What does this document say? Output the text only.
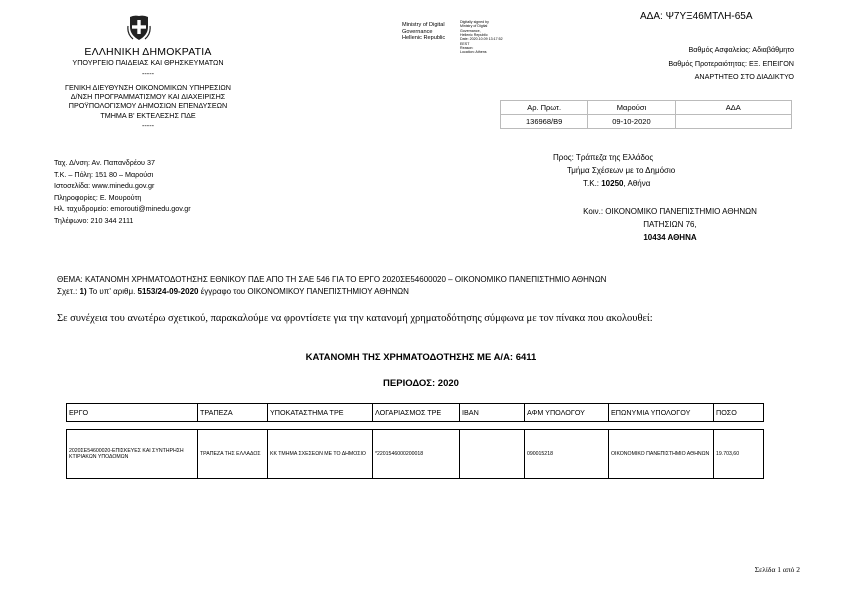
ΑΔΑ: Ψ7ΥΞ46ΜΤΛΗ-65Α
ΕΛΛΗΝΙΚΗ ΔΗΜΟΚΡΑΤΙΑ
ΥΠΟΥΡΓΕΙΟ ΠΑΙΔΕΙΑΣ ΚΑΙ ΘΡΗΣΚΕΥΜΑΤΩΝ
-----
ΓΕΝΙΚΗ ΔΙΕΥΘΥΝΣΗ ΟΙΚΟΝΟΜΙΚΩΝ ΥΠΗΡΕΣΙΩΝ
Δ/ΝΣΗ ΠΡΟΓΡΑΜΜΑΤΙΣΜΟΥ ΚΑΙ ΔΙΑΧΕΙΡΙΣΗΣ
ΠΡΟΫΠΟΛΟΓΙΣΜΟΥ ΔΗΜΟΣΙΩΝ ΕΠΕΝΔΥΣΕΩΝ
ΤΜΗΜΑ Β' ΕΚΤΕΛΕΣΗΣ ΠΔΕ
-----
Ταχ. Δ/νση: Αν. Παπανδρέου 37
Τ.Κ. – Πόλη: 151 80 – Μαρούσι
Ιστοσελίδα: www.minedu.gov.gr
Πληροφορίες: Ε. Μουρούτη
Ηλ. ταχυδρομείο: emorouti@minedu.gov.gr
Τηλέφωνο: 210 344 2111
Ministry of Digital
Governance
Hellenic Republic
Digitally signed by
Ministry of Digital
Governance,
Hellenic Republic
Date: 2020.10.09 13:17:52
EEST
Reason:
Location: Athens	Βαθμός Ασφαλείας: Αδιαβάθμητο
Βαθμός Προτεραιότητας: ΕΞ. ΕΠΕΙΓΟΝ
ΑΝΑΡΤΗΤΕΟ ΣΤΟ ΔΙΑΔΙΚΤΥΟ
Αρ. Πρωτ.	Μαρούσι	ΑΔΑ
136968/Β9	09-10-2020	
Προς: Τράπεζα της Ελλάδος
Τμήμα Σχέσεων με το Δημόσιο
Τ.Κ.: 10250, Αθήνα
Κοιν.: ΟΙΚΟΝΟΜΙΚΟ ΠΑΝΕΠΙΣΤΗΜΙΟ ΑΘΗΝΩΝ
ΠΑΤΗΣΙΩΝ 76,
10434 ΑΘΗΝΑ
ΘΕΜΑ: ΚΑΤΑΝΟΜΗ ΧΡΗΜΑΤΟΔΟΤΗΣΗΣ ΕΘΝΙΚΟΥ ΠΔΕ ΑΠΟ ΤΗ ΣΑΕ 546 ΓΙΑ ΤΟ ΕΡΓΟ 2020ΣΕ54600020 – ΟΙΚΟΝΟΜΙΚΟ ΠΑΝΕΠΙΣΤΗΜΙΟ ΑΘΗΝΩΝ
Σχετ.: 1) Το υπ' αριθμ. 5153/24-09-2020 έγγραφο του ΟΙΚΟΝΟΜΙΚΟΥ ΠΑΝΕΠΙΣΤΗΜΙΟΥ ΑΘΗΝΩΝ
Σε συνέχεια του ανωτέρω σχετικού, παρακαλούμε να φροντίσετε για την κατανομή χρηματοδότησης σύμφωνα με τον πίνακα που ακολουθεί:
ΚΑΤΑΝΟΜΗ ΤΗΣ ΧΡΗΜΑΤΟΔΟΤΗΣΗΣ ΜΕ Α/Α: 6411
ΠΕΡΙΟΔΟΣ: 2020
ΕΡΓΟ	ΤΡΑΠΕΖΑ	ΥΠΟΚΑΤΑΣΤΗΜΑ ΤΡΕ	ΛΟΓΑΡΙΑΣΜΟΣ ΤΡΕ	IBAN	ΑΦΜ ΥΠΟΛΟΓΟΥ	ΕΠΩΝΥΜΙΑ ΥΠΟΛΟΓΟΥ	ΠΟΣΟ

2020ΣΕ54600020-ΕΠΙΣΚΕΥΕΣ ΚΑΙ ΣΥΝΤΗΡΗΣΗ ΚΤΙΡΙΑΚΩΝ ΥΠΟΔΟΜΩΝ	ΤΡΑΠΕΖΑ ΤΗΣ ΕΛΛΑΔΟΣ	ΚΚ ΤΜΗΜΑ ΣΧΕΣΕΩΝ ΜΕ ΤΟ ΔΗΜΟΣΙΟ	*2201546000200018		090015218	ΟΙΚΟΝΟΜΙΚΟ ΠΑΝΕΠΙΣΤΗΜΙΟ ΑΘΗΝΩΝ	19.703,60
Σελίδα 1 από 2
